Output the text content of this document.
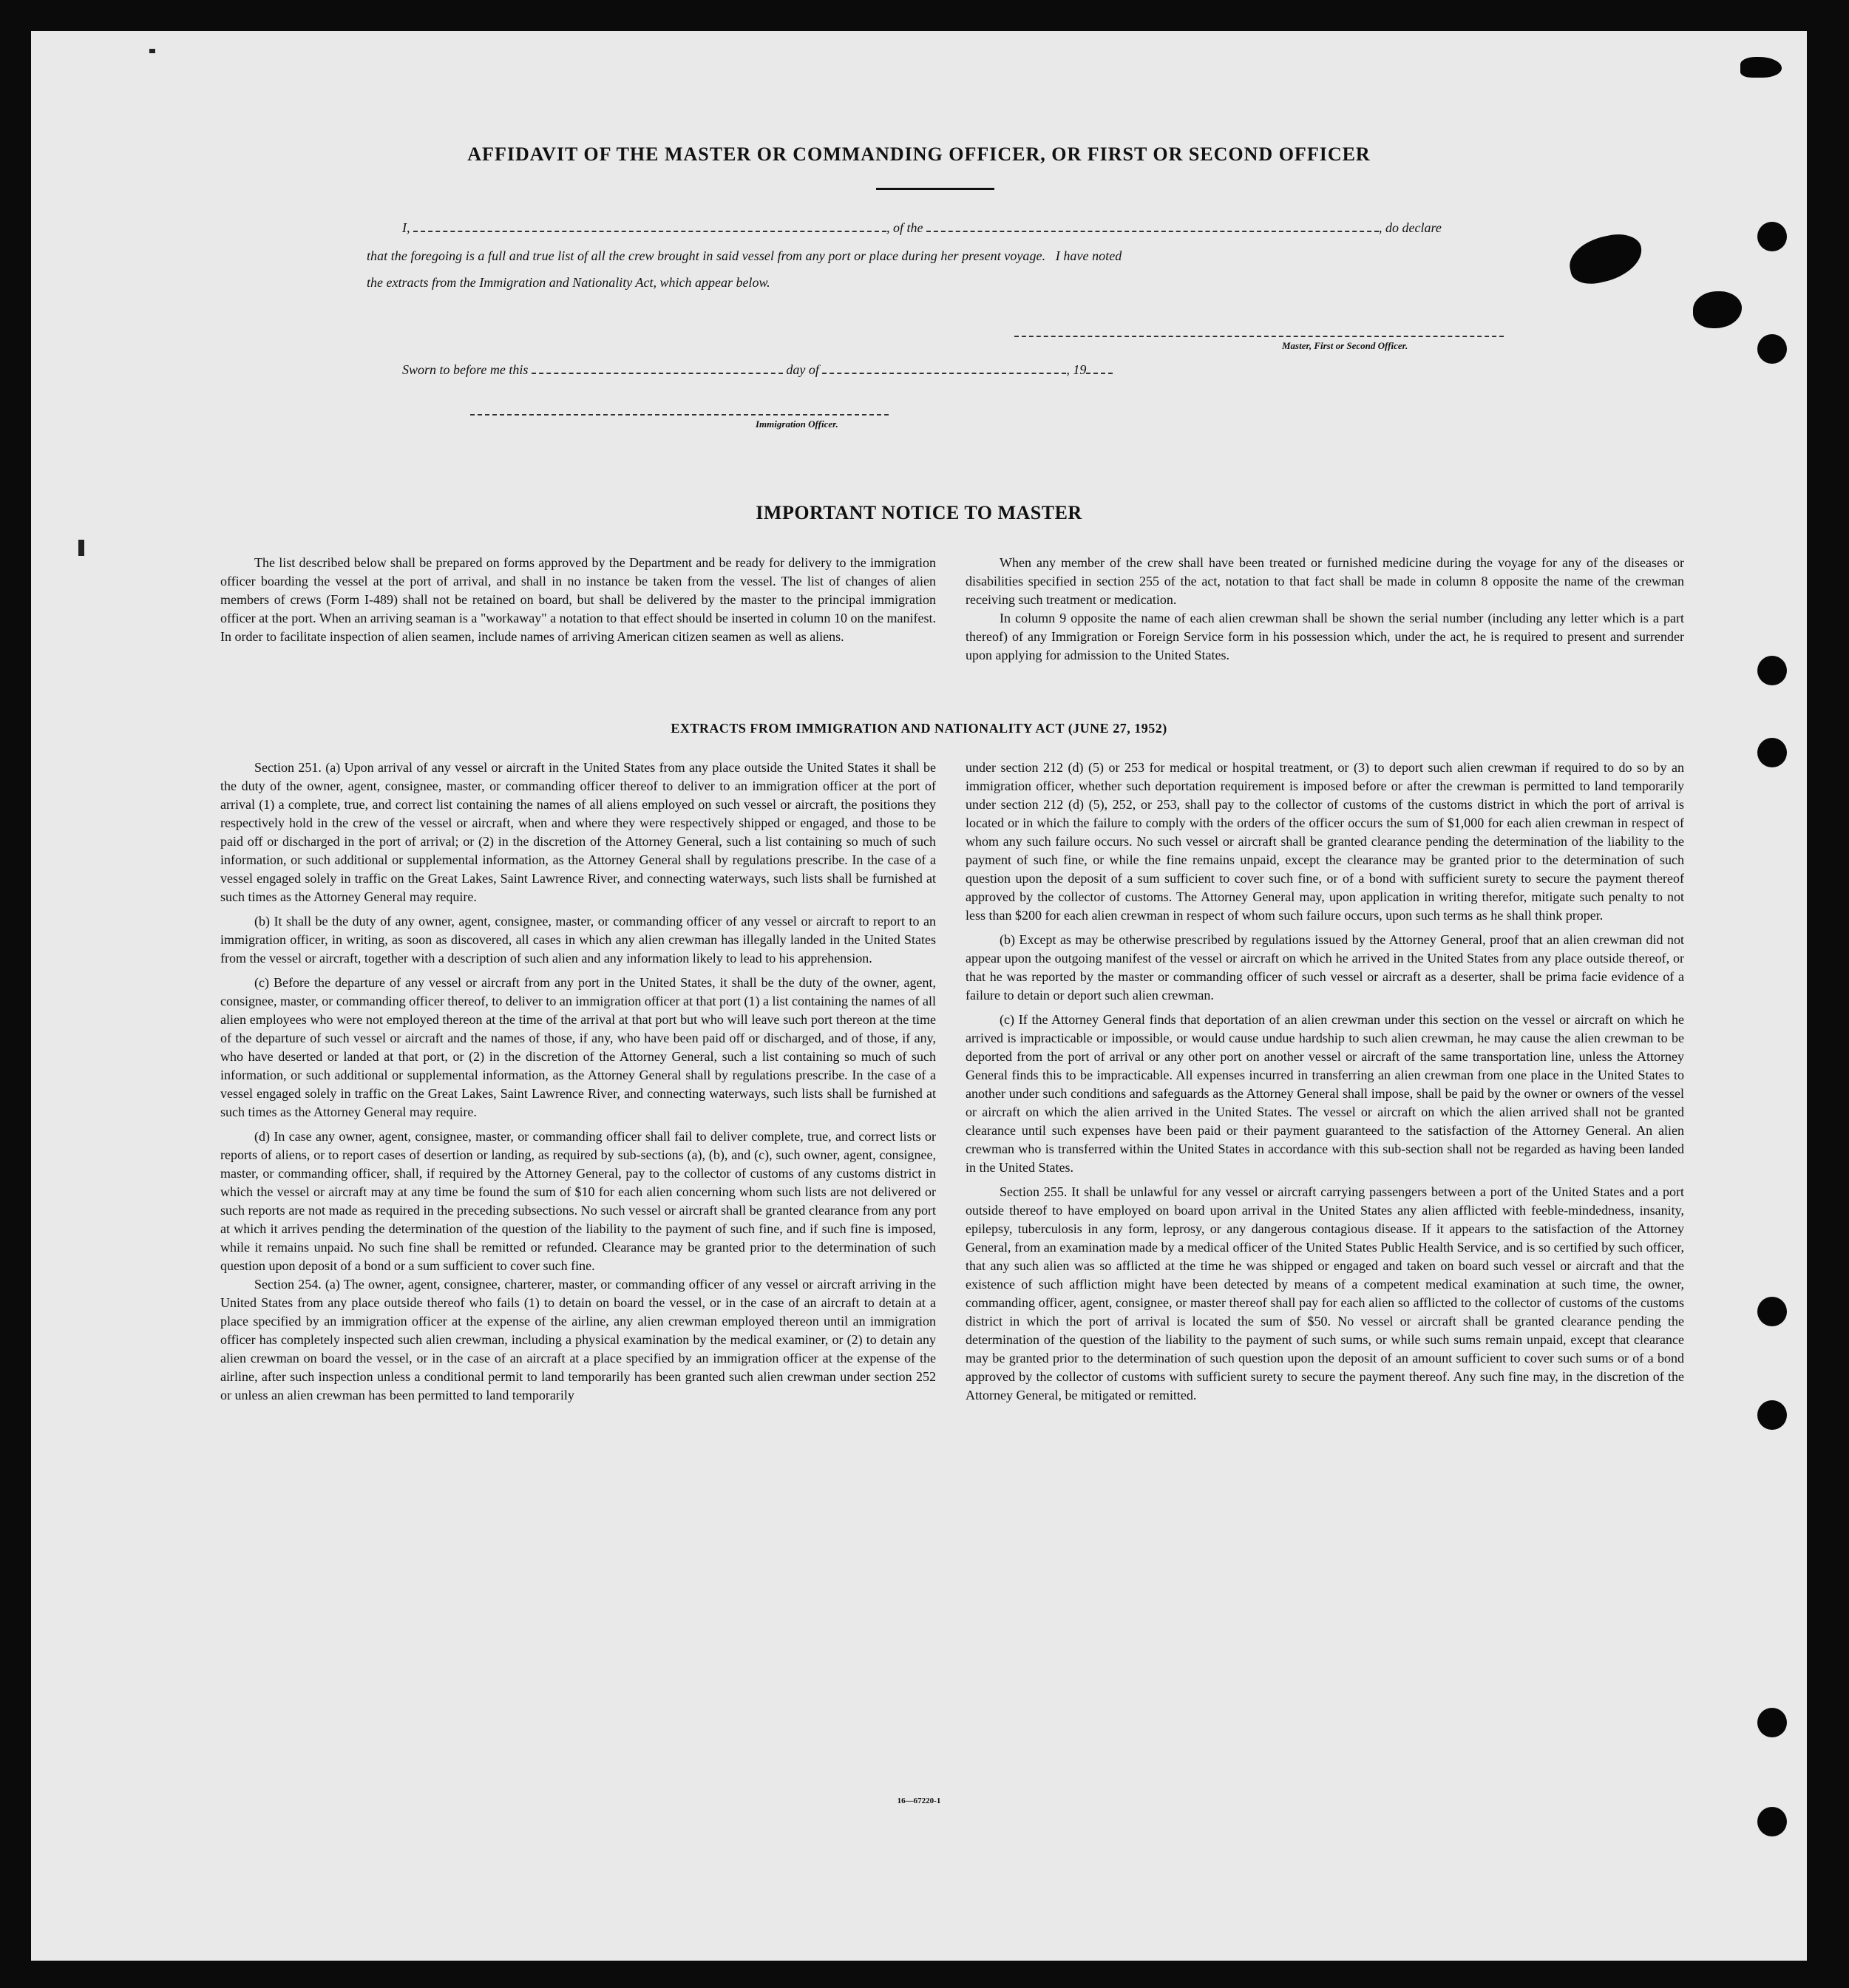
AFFIDAVIT OF THE MASTER OR COMMANDING OFFICER, OR FIRST OR SECOND OFFICER
I,	, of the	, do declare
that the foregoing is a full and true list of all the crew brought in said vessel from any port or place during her present voyage.   I have noted
the extracts from the Immigration and Nationality Act, which appear below.
Master, First or Second Officer.
Sworn to before me this	day of	, 19
Immigration Officer.
IMPORTANT NOTICE TO MASTER

The list described below shall be prepared on forms approved by the Department and be ready for delivery to the immigration officer boarding the vessel at the port of arrival, and shall in no instance be taken from the vessel. The list of changes of alien members of crews (Form I-489) shall not be retained on board, but shall be delivered by the master to the principal immigration officer at the port. When an arriving seaman is a "workaway" a notation to that effect should be inserted in column 10 on the manifest. In order to facilitate inspection of alien seamen, include names of arriving American citizen seamen as well as aliens.

When any member of the crew shall have been treated or furnished medicine during the voyage for any of the diseases or disabilities specified in section 255 of the act, notation to that fact shall be made in column 8 opposite the name of the crewman receiving such treatment or medication.

In column 9 opposite the name of each alien crewman shall be shown the serial number (including any letter which is a part thereof) of any Immigration or Foreign Service form in his possession which, under the act, he is required to present and surrender upon applying for admission to the United States.

EXTRACTS FROM IMMIGRATION AND NATIONALITY ACT (JUNE 27, 1952)

Section 251. (a) Upon arrival of any vessel or aircraft in the United States from any place outside the United States it shall be the duty of the owner, agent, consignee, master, or commanding officer thereof to deliver to an immigration officer at the port of arrival (1) a complete, true, and correct list containing the names of all aliens employed on such vessel or aircraft, the positions they respectively hold in the crew of the vessel or aircraft, when and where they were respectively shipped or engaged, and those to be paid off or discharged in the port of arrival; or (2) in the discretion of the Attorney General, such a list containing so much of such information, or such additional or supplemental information, as the Attorney General shall by regulations prescribe. In the case of a vessel engaged solely in traffic on the Great Lakes, Saint Lawrence River, and connecting waterways, such lists shall be furnished at such times as the Attorney General may require.

(b) It shall be the duty of any owner, agent, consignee, master, or commanding officer of any vessel or aircraft to report to an immigration officer, in writing, as soon as discovered, all cases in which any alien crewman has illegally landed in the United States from the vessel or aircraft, together with a description of such alien and any information likely to lead to his apprehension.

(c) Before the departure of any vessel or aircraft from any port in the United States, it shall be the duty of the owner, agent, consignee, master, or commanding officer thereof, to deliver to an immigration officer at that port (1) a list containing the names of all alien employees who were not employed thereon at the time of the arrival at that port but who will leave such port thereon at the time of the departure of such vessel or aircraft and the names of those, if any, who have been paid off or discharged, and of those, if any, who have deserted or landed at that port, or (2) in the discretion of the Attorney General, such a list containing so much of such information, or such additional or supplemental information, as the Attorney General shall by regulations prescribe. In the case of a vessel engaged solely in traffic on the Great Lakes, Saint Lawrence River, and connecting waterways, such lists shall be furnished at such times as the Attorney General may require.

(d) In case any owner, agent, consignee, master, or commanding officer shall fail to deliver complete, true, and correct lists or reports of aliens, or to report cases of desertion or landing, as required by sub-sections (a), (b), and (c), such owner, agent, consignee, master, or commanding officer, shall, if required by the Attorney General, pay to the collector of customs of any customs district in which the vessel or aircraft may at any time be found the sum of $10 for each alien concerning whom such lists are not delivered or such reports are not made as required in the preceding subsections. No such vessel or aircraft shall be granted clearance from any port at which it arrives pending the determination of the question of the liability to the payment of such fine, and if such fine is imposed, while it remains unpaid. No such fine shall be remitted or refunded. Clearance may be granted prior to the determination of such question upon deposit of a bond or a sum sufficient to cover such fine.

Section 254. (a) The owner, agent, consignee, charterer, master, or commanding officer of any vessel or aircraft arriving in the United States from any place outside thereof who fails (1) to detain on board the vessel, or in the case of an aircraft to detain at a place specified by an immigration officer at the expense of the airline, any alien crewman employed thereon until an immigration officer has completely inspected such alien crewman, including a physical examination by the medical examiner, or (2) to detain any alien crewman on board the vessel, or in the case of an aircraft at a place specified by an immigration officer at the expense of the airline, after such inspection unless a conditional permit to land temporarily has been granted such alien crewman under section 252 or unless an alien crewman has been permitted to land temporarily

under section 212 (d) (5) or 253 for medical or hospital treatment, or (3) to deport such alien crewman if required to do so by an immigration officer, whether such deportation requirement is imposed before or after the crewman is permitted to land temporarily under section 212 (d) (5), 252, or 253, shall pay to the collector of customs of the customs district in which the port of arrival is located or in which the failure to comply with the orders of the officer occurs the sum of $1,000 for each alien crewman in respect of whom any such failure occurs. No such vessel or aircraft shall be granted clearance pending the determination of the liability to the payment of such fine, or while the fine remains unpaid, except the clearance may be granted prior to the determination of such question upon the deposit of a sum sufficient to cover such fine, or of a bond with sufficient surety to secure the payment thereof approved by the collector of customs. The Attorney General may, upon application in writing therefor, mitigate such penalty to not less than $200 for each alien crewman in respect of whom such failure occurs, upon such terms as he shall think proper.

(b) Except as may be otherwise prescribed by regulations issued by the Attorney General, proof that an alien crewman did not appear upon the outgoing manifest of the vessel or aircraft on which he arrived in the United States from any place outside thereof, or that he was reported by the master or commanding officer of such vessel or aircraft as a deserter, shall be prima facie evidence of a failure to detain or deport such alien crewman.

(c) If the Attorney General finds that deportation of an alien crewman under this section on the vessel or aircraft on which he arrived is impracticable or impossible, or would cause undue hardship to such alien crewman, he may cause the alien crewman to be deported from the port of arrival or any other port on another vessel or aircraft of the same transportation line, unless the Attorney General finds this to be impracticable. All expenses incurred in transferring an alien crewman from one place in the United States to another under such conditions and safeguards as the Attorney General shall impose, shall be paid by the owner or owners of the vessel or aircraft on which the alien arrived in the United States. The vessel or aircraft on which the alien arrived shall not be granted clearance until such expenses have been paid or their payment guaranteed to the satisfaction of the Attorney General. An alien crewman who is transferred within the United States in accordance with this sub-section shall not be regarded as having been landed in the United States.

Section 255. It shall be unlawful for any vessel or aircraft carrying passengers between a port of the United States and a port outside thereof to have employed on board upon arrival in the United States any alien afflicted with feeble-mindedness, insanity, epilepsy, tuberculosis in any form, leprosy, or any dangerous contagious disease. If it appears to the satisfaction of the Attorney General, from an examination made by a medical officer of the United States Public Health Service, and is so certified by such officer, that any such alien was so afflicted at the time he was shipped or engaged and taken on board such vessel or aircraft and that the existence of such affliction might have been detected by means of a competent medical examination at such time, the owner, commanding officer, agent, consignee, or master thereof shall pay for each alien so afflicted to the collector of customs of the customs district in which the port of arrival is located the sum of $50. No vessel or aircraft shall be granted clearance pending the determination of the question of the liability to the payment of such sums, or while such sums remain unpaid, except that clearance may be granted prior to the determination of such question upon the deposit of an amount sufficient to cover such sums or of a bond approved by the collector of customs with sufficient surety to secure the payment thereof. Any such fine may, in the discretion of the Attorney General, be mitigated or remitted.

16—67220-1
